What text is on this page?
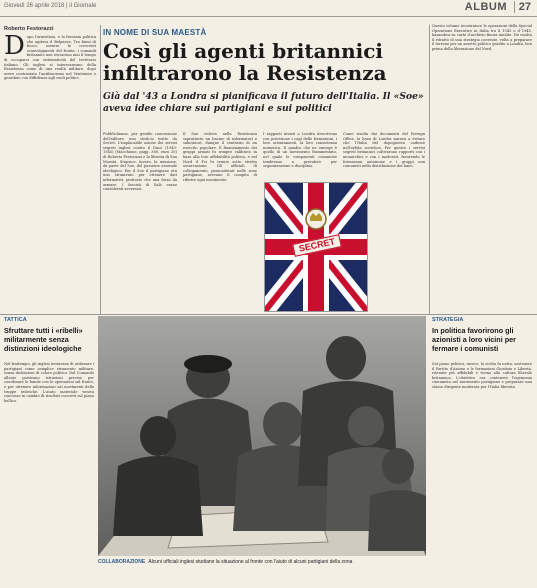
Giovedì 26 aprile 2018 | il Giornale	ALBUM	27
Roberto Festorazzi
D opo l'armistizio, e la frenesia politica che agitava il Belpaese, Tra fiumi di fuoco, mentre le crescenti sconvolgimenti del fronte, i comandi britannici non trovarono mai il tempo di occuparsi con sistematicità del territorio italiano. Gli inglesi si interessavano della Resistenza come di una realtà militare, dopo avere contrastato l'antifascismo nel Ventennio e guardato con diffidenza agli esuli politici.

IN NOME DI SUA MAESTÀ
Così gli agenti britannici infiltrarono la Resistenza
Già dal '43 a Londra si pianificava il futuro dell'Italia. Il «Soe» aveva idee chiare sui partigiani e sui politici

Pubblichiamo, per gentile concessione dell'editore, uno stralcio tratto da Secret. L'implacabile azione dei servizi segreti inglesi contro il Duce (1943-1945) (Macchione, pagg. 300, euro 20) di Roberto Festorazzi e la libreria di Sua Maestà. Stupisce, invero, la missione, da parte del Soe, del possente arsenale ideologico. Per il Soe il partigiano era uno strumento per ottenere dati informativi, piuttosto che una forza da armare. I fascisti di Salò erano considerati avversari.

Il Soe vedeva nella Resistenza soprattutto un bacino di informatori e sabotatori, dunque il contrario di un esercito popolare. Il finanziamento dei gruppi armati fu sempre calibrato in base alla loro affidabilità politica, e nel Nord il Pci fu tenuto sotto stretta osservazione. Gli ufficiali di collegamento, paracadutati nelle zone partigiane, avevano il compito di riferire ogni movimento.

I rapporti inviati a Londra descrivono con precisione i capi delle formazioni, i loro orientamenti, la loro consistenza numerica. Il quadro che ne emerge è quello di un movimento frammentato, nel quale le componenti comuniste tendevano a prevalere per organizzazione e disciplina.

Come risulta dai documenti del Foreign Office, la linea di Londra mirava a evitare che l'Italia del dopoguerra cadesse nell'orbita sovietica. Per questo i servizi segreti britannici coltivarono rapporti con i monarchici e con i moderati, favorendo le formazioni autonome e i gruppi non comunisti nella distribuzione dei lanci.

Questo volume ricostruisce le operazioni della Special Operations Executive in Italia tra il 1943 e il 1945, basandosi su carte d'archivio finora inedite. Ne risulta il ritratto di una strategia coerente, volta a preparare il terreno per un assetto politico gradito a Londra, ben prima della liberazione del Nord.

SECRET
TATTICA
Sfruttare tutti i «ribelli» militarmente senza distinzioni ideologiche

Nel frattempo, gli inglesi tentavano di utilizzare i partigiani come semplice strumento militare, senza distinzioni di colore politico. Dal Comando alleato partivano istruzioni precise per coordinare le bande con le operazioni sul fronte, e per ottenere informazioni sui movimenti delle truppe tedesche. L'aiuto materiale veniva concesso in cambio di risultati concreti sul piano bellico.

STRATEGIA
In politica favorirono gli azionisti a loro vicini per fermare i comunisti

Sul piano politico, invece, la scelta fu netta: sostenere il Partito d'Azione e le formazioni Giustizia e Libertà, ritenute più affidabili e vicine alla cultura liberale britannica. L'obiettivo era contenere l'egemonia comunista nel movimento partigiano e preparare una classe dirigente moderata per l'Italia liberata.

COLLABORAZIONE Alcuni ufficiali inglesi studiano la situazione al fronte con l'aiuto di alcuni partigiani della zona
